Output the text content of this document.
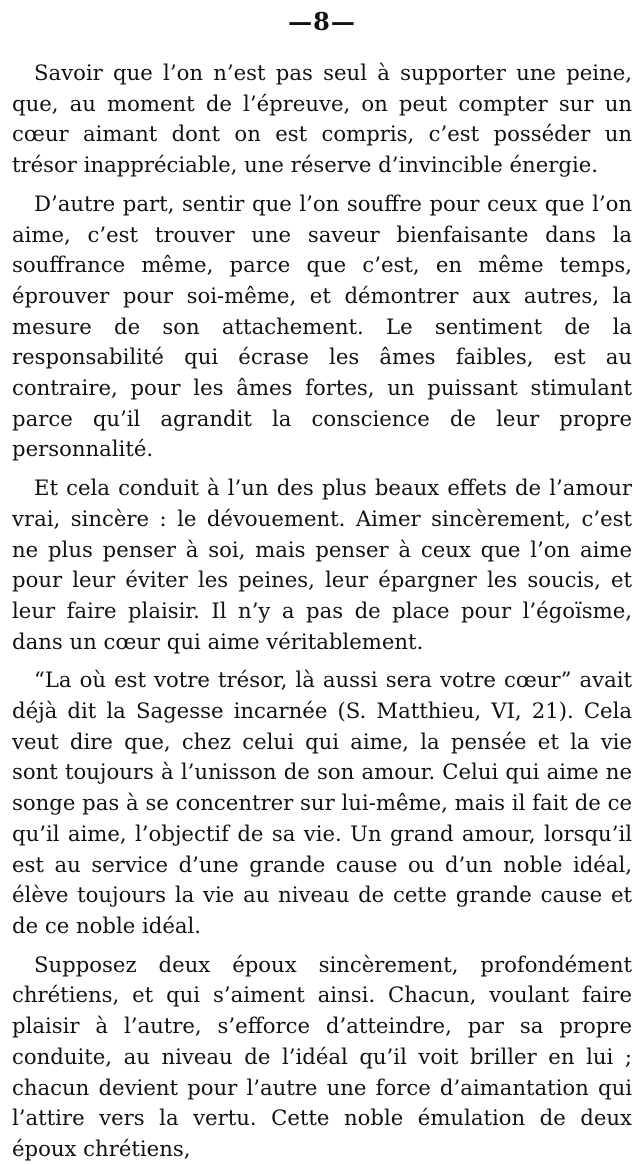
—8—

Savoir que l’on n’est pas seul à supporter une peine, que, au moment de l’épreuve, on peut compter sur un cœur aimant dont on est compris, c’est posséder un trésor inappréciable, une réserve d’invincible énergie.

D’autre part, sentir que l’on souffre pour ceux que l’on aime, c’est trouver une saveur bienfaisante dans la souffrance même, parce que c’est, en même temps, éprouver pour soi-même, et démontrer aux autres, la mesure de son attachement. Le sentiment de la responsabilité qui écrase les âmes faibles, est au contraire, pour les âmes fortes, un puissant stimulant parce qu’il agrandit la conscience de leur propre personnalité.

Et cela conduit à l’un des plus beaux effets de l’amour vrai, sincère : le dévouement. Aimer sincèrement, c’est ne plus penser à soi, mais penser à ceux que l’on aime pour leur éviter les peines, leur épargner les soucis, et leur faire plaisir. Il n’y a pas de place pour l’égoïsme, dans un cœur qui aime véritablement.

“La où est votre trésor, là aussi sera votre cœur” avait déjà dit la Sagesse incarnée (S. Matthieu, VI, 21). Cela veut dire que, chez celui qui aime, la pensée et la vie sont toujours à l’unisson de son amour. Celui qui aime ne songe pas à se concentrer sur lui-même, mais il fait de ce qu’il aime, l’objectif de sa vie. Un grand amour, lorsqu’il est au service d’une grande cause ou d’un noble idéal, élève toujours la vie au niveau de cette grande cause et de ce noble idéal.

Supposez deux époux sincèrement, profondément chrétiens, et qui s’aiment ainsi. Chacun, voulant faire plaisir à l’autre, s’efforce d’atteindre, par sa propre conduite, au niveau de l’idéal qu’il voit briller en lui ; chacun devient pour l’autre une force d’aimantation qui l’attire vers la vertu. Cette noble émulation de deux époux chrétiens,
